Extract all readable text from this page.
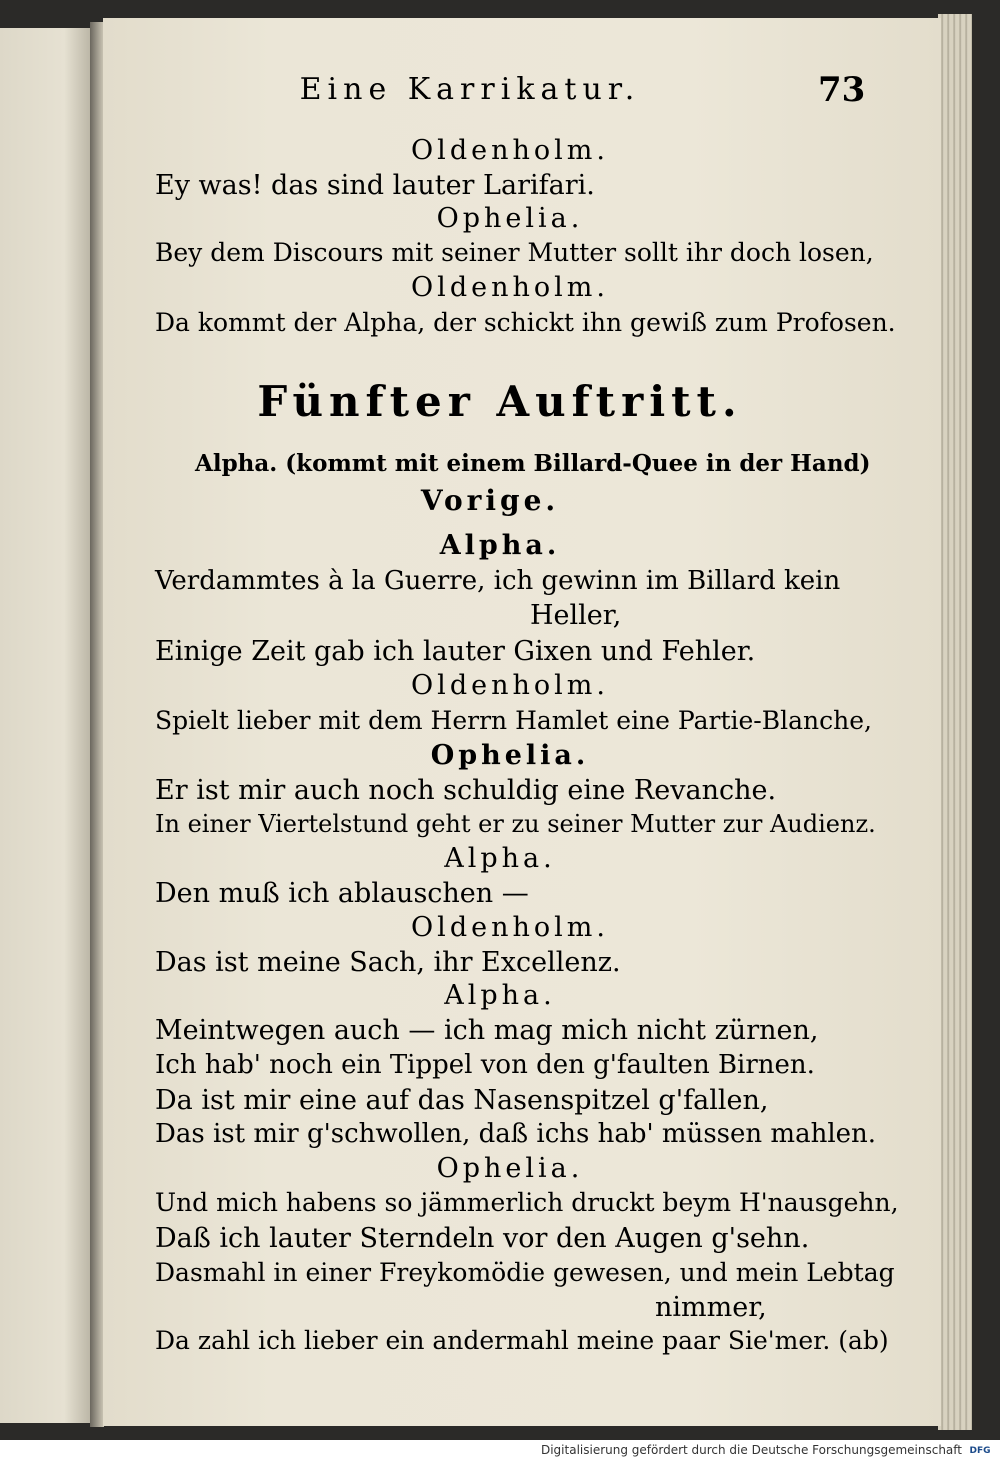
Eine Karrikatur.	73
Oldenholm.
Ey was! das sind lauter Larifari.
Ophelia.
Bey dem Discours mit seiner Mutter sollt ihr doch losen,
Oldenholm.
Da kommt der Alpha, der schickt ihn gewiß zum Profosen.
Fünfter Auftritt.
Alpha. (kommt mit einem Billard-Quee in der Hand)
Vorige.
Alpha.
Verdammtes à la Guerre, ich gewinn im Billard kein
Heller,
Einige Zeit gab ich lauter Gixen und Fehler.
Oldenholm.
Spielt lieber mit dem Herrn Hamlet eine Partie-Blanche,
Ophelia.
Er ist mir auch noch schuldig eine Revanche.
In einer Viertelstund geht er zu seiner Mutter zur Audienz.
Alpha.
Den muß ich ablauschen —
Oldenholm.
Das ist meine Sach, ihr Excellenz.
Alpha.
Meintwegen auch — ich mag mich nicht zürnen,
Ich hab' noch ein Tippel von den g'faulten Birnen.
Da ist mir eine auf das Nasenspitzel g'fallen,
Das ist mir g'schwollen, daß ichs hab' müssen mahlen.
Ophelia.
Und mich habens so jämmerlich druckt beym H'nausgehn,
Daß ich lauter Sterndeln vor den Augen g'sehn.
Dasmahl in einer Freykomödie gewesen, und mein Lebtag
nimmer,
Da zahl ich lieber ein andermahl meine paar Sie'mer. (ab)
Digitalisierung gefördert durch die Deutsche Forschungsgemeinschaft DFG
